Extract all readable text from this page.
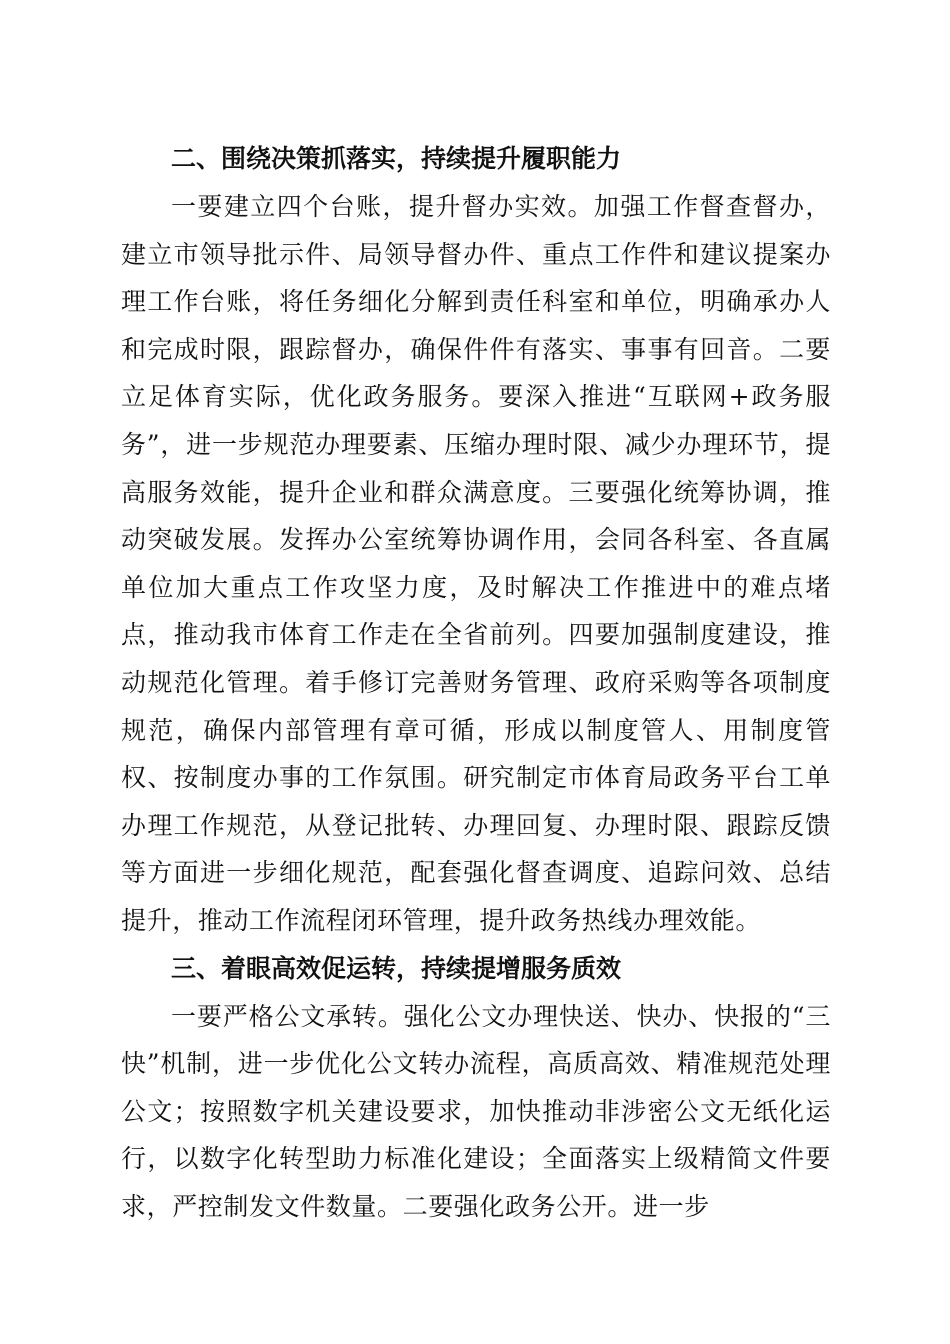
二、围绕决策抓落实，持续提升履职能力

一要建立四个台账，提升督办实效。加强工作督查督办，建立市领导批示件、局领导督办件、重点工作件和建议提案办理工作台账，将任务细化分解到责任科室和单位，明确承办人和完成时限，跟踪督办，确保件件有落实、事事有回音。二要立足体育实际，优化政务服务。要深入推进“互联网+政务服务”，进一步规范办理要素、压缩办理时限、减少办理环节，提高服务效能，提升企业和群众满意度。三要强化统筹协调，推动突破发展。发挥办公室统筹协调作用，会同各科室、各直属单位加大重点工作攻坚力度，及时解决工作推进中的难点堵点，推动我市体育工作走在全省前列。四要加强制度建设，推动规范化管理。着手修订完善财务管理、政府采购等各项制度规范，确保内部管理有章可循，形成以制度管人、用制度管权、按制度办事的工作氛围。研究制定市体育局政务平台工单办理工作规范，从登记批转、办理回复、办理时限、跟踪反馈等方面进一步细化规范，配套强化督查调度、追踪问效、总结提升，推动工作流程闭环管理，提升政务热线办理效能。

三、着眼高效促运转，持续提增服务质效

一要严格公文承转。强化公文办理快送、快办、快报的“三快”机制，进一步优化公文转办流程，高质高效、精准规范处理公文；按照数字机关建设要求，加快推动非涉密公文无纸化运行，以数字化转型助力标准化建设；全面落实上级精简文件要求，严控制发文件数量。二要强化政务公开。进一步
